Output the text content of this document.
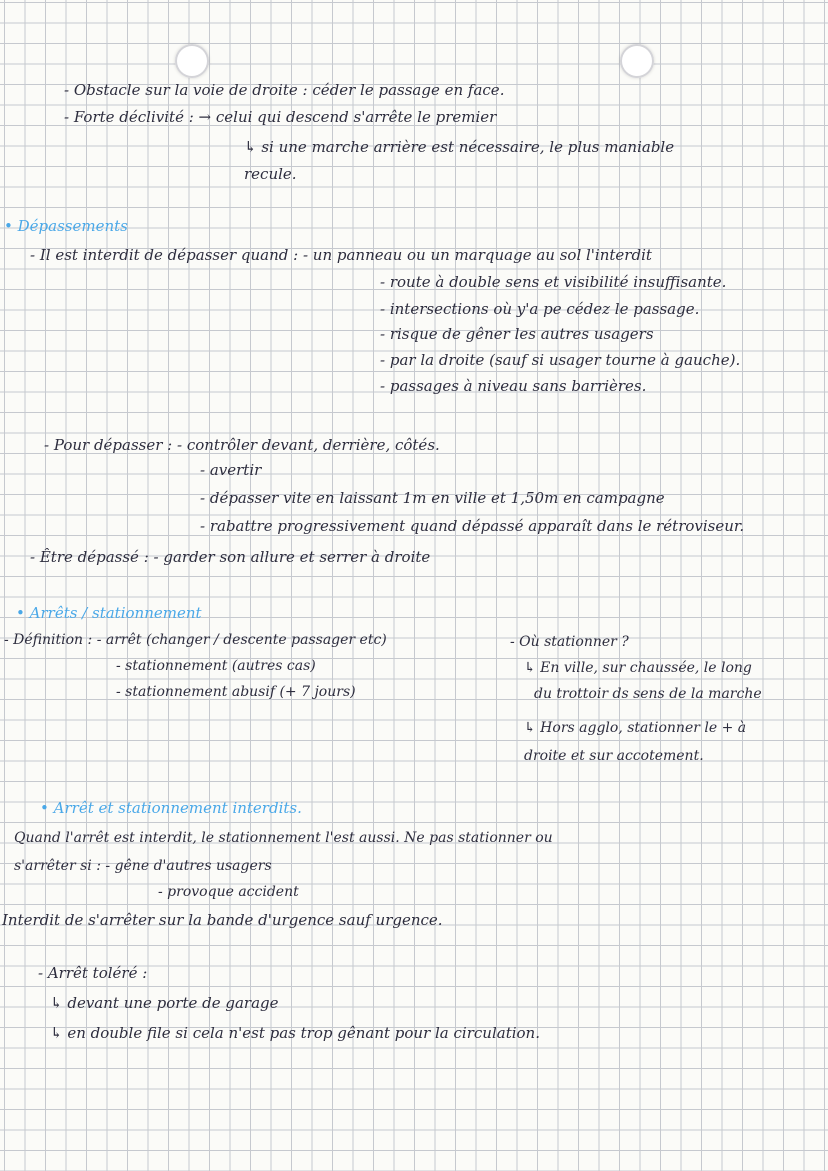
- Obstacle sur la voie de droite : céder le passage en face.
- Forte déclivité : → celui qui descend s'arrête le premier
↳ si une marche arrière est nécessaire, le plus maniable
recule.
• Dépassements
- Il est interdit de dépasser quand : - un panneau ou un marquage au sol l'interdit
- route à double sens et visibilité insuffisante.
- intersections où y'a pe cédez le passage.
- risque de gêner les autres usagers
- par la droite (sauf si usager tourne à gauche).
- passages à niveau sans barrières.
- Pour dépasser : - contrôler devant, derrière, côtés.
- avertir
- dépasser vite en laissant 1m en ville et 1,50m en campagne
- rabattre progressivement quand dépassé apparaît dans le rétroviseur.
- Être dépassé : - garder son allure et serrer à droite
• Arrêts / stationnement
- Définition : - arrêt (changer / descente passager etc)
- stationnement (autres cas)
- stationnement abusif (+ 7 jours)
- Où stationner ?
↳ En ville, sur chaussée, le long
du trottoir ds sens de la marche
↳ Hors agglo, stationner le + à
droite et sur accotement.
• Arrêt et stationnement interdits.
Quand l'arrêt est interdit, le stationnement l'est aussi. Ne pas stationner ou
s'arrêter si : - gêne d'autres usagers
- provoque accident
Interdit de s'arrêter sur la bande d'urgence sauf urgence.
- Arrêt toléré :
↳ devant une porte de garage
↳ en double file si cela n'est pas trop gênant pour la circulation.
